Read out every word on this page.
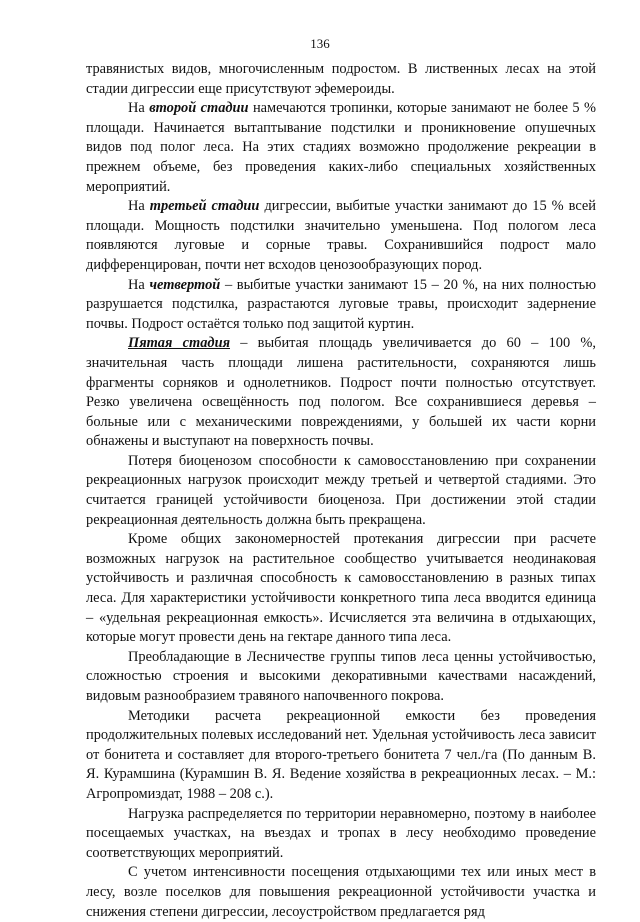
136

травянистых видов, многочисленным подростом. В лиственных лесах на этой стадии дигрессии еще присутствуют эфемероиды.

На второй стадии намечаются тропинки, которые занимают не более 5 % площади. Начинается вытаптывание подстилки и проникновение опушечных видов под полог леса. На этих стадиях возможно продолжение рекреации в прежнем объеме, без проведения каких-либо специальных хозяйственных мероприятий.

На третьей стадии дигрессии, выбитые участки занимают до 15 % всей площади. Мощность подстилки значительно уменьшена. Под пологом леса появляются луговые и сорные травы. Сохранившийся подрост мало дифференцирован, почти нет всходов ценозообразующих пород.

На четвертой – выбитые участки занимают 15 – 20 %, на них полностью разрушается подстилка, разрастаются луговые травы, происходит задернение почвы. Подрост остаётся только под защитой куртин.

Пятая стадия – выбитая площадь увеличивается до 60 – 100 %, значительная часть площади лишена растительности, сохраняются лишь фрагменты сорняков и однолетников. Подрост почти полностью отсутствует. Резко увеличена освещённость под пологом. Все сохранившиеся деревья – больные или с механическими повреждениями, у большей их части корни обнажены и выступают на поверхность почвы.

Потеря биоценозом способности к самовосстановлению при сохранении рекреационных нагрузок происходит между третьей и четвертой стадиями. Это считается границей устойчивости биоценоза. При достижении этой стадии рекреационная деятельность должна быть прекращена.

Кроме общих закономерностей протекания дигрессии при расчете возможных нагрузок на растительное сообщество учитывается неодинаковая устойчивость и различная способность к самовосстановлению в разных типах леса. Для характеристики устойчивости конкретного типа леса вводится единица – «удельная рекреационная емкость». Исчисляется эта величина в отдыхающих, которые могут провести день на гектаре данного типа леса.

Преобладающие в Лесничестве группы типов леса ценны устойчивостью, сложностью строения и высокими декоративными качествами насаждений, видовым разнообразием травяного напочвенного покрова.

Методики расчета рекреационной емкости без проведения продолжительных полевых исследований нет. Удельная устойчивость леса зависит от бонитета и составляет для второго-третьего бонитета 7 чел./га (По данным В. Я. Курамшина (Курамшин В. Я. Ведение хозяйства в рекреационных лесах. – М.: Агропромиздат, 1988 – 208 с.).

Нагрузка распределяется по территории неравномерно, поэтому в наиболее посещаемых участках, на въездах и тропах в лесу необходимо проведение соответствующих мероприятий.

С учетом интенсивности посещения отдыхающими тех или иных мест в лесу, возле поселков для повышения рекреационной устойчивости участка и снижения степени дигрессии, лесоустройством предлагается ряд
